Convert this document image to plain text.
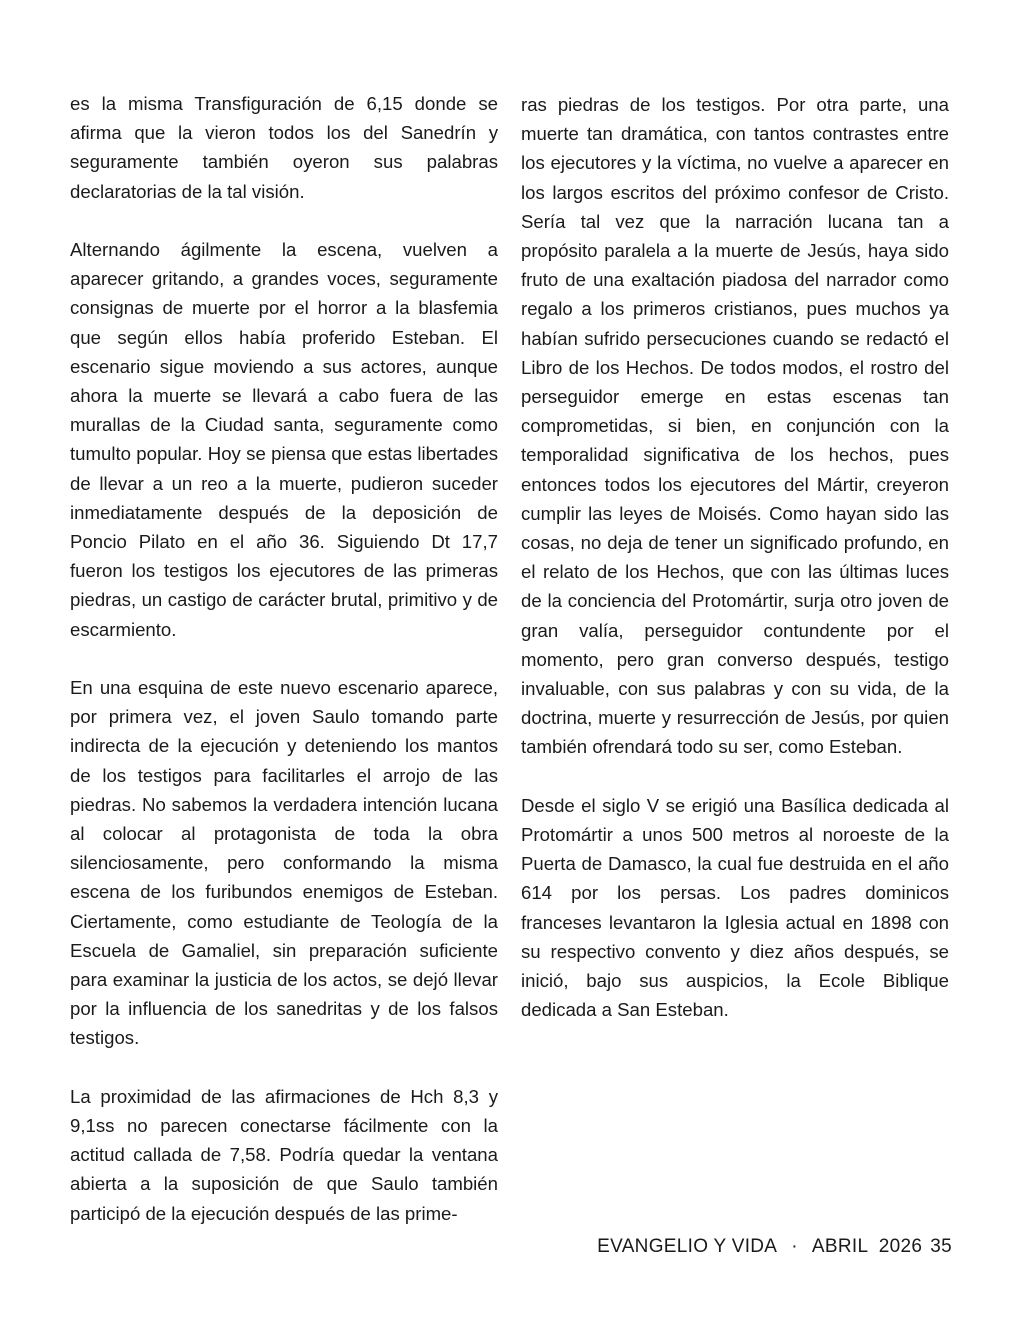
es la misma Transfiguración de 6,15 donde se afirma que la vieron todos los del Sanedrín y seguramente también oyeron sus palabras declaratorias de la tal visión.

Alternando ágilmente la escena, vuelven a aparecer gritando, a grandes voces, seguramente consignas de muerte por el horror a la blasfemia que según ellos había proferido Esteban. El escenario sigue moviendo a sus actores, aunque ahora la muerte se llevará a cabo fuera de las murallas de la Ciudad santa, seguramente como tumulto popular. Hoy se piensa que estas libertades de llevar a un reo a la muerte, pudieron suceder inmediatamente después de la deposición de Poncio Pilato en el año 36. Siguiendo Dt 17,7 fueron los testigos los ejecutores de las primeras piedras, un castigo de carácter brutal, primitivo y de escarmiento.

En una esquina de este nuevo escenario aparece, por primera vez, el joven Saulo tomando parte indirecta de la ejecución y deteniendo los mantos de los testigos para facilitarles el arrojo de las piedras. No sabemos la verdadera intención lucana al colocar al protagonista de toda la obra silenciosamente, pero conformando la misma escena de los furibundos enemigos de Esteban. Ciertamente, como estudiante de Teología de la Escuela de Gamaliel, sin preparación suficiente para examinar la justicia de los actos, se dejó llevar por la influencia de los sanedritas y de los falsos testigos.

La proximidad de las afirmaciones de Hch 8,3 y 9,1ss no parecen conectarse fácilmente con la actitud callada de 7,58. Podría quedar la ventana abierta a la suposición de que Saulo también participó de la ejecución después de las prime-

ras piedras de los testigos. Por otra parte, una muerte tan dramática, con tantos contrastes entre los ejecutores y la víctima, no vuelve a aparecer en los largos escritos del próximo confesor de Cristo. Sería tal vez que la narración lucana tan a propósito paralela a la muerte de Jesús, haya sido fruto de una exaltación piadosa del narrador como regalo a los primeros cristianos, pues muchos ya habían sufrido persecuciones cuando se redactó el Libro de los Hechos. De todos modos, el rostro del perseguidor emerge en estas escenas tan comprometidas, si bien, en conjunción con la temporalidad significativa de los hechos, pues entonces todos los ejecutores del Mártir, creyeron cumplir las leyes de Moisés. Como hayan sido las cosas, no deja de tener un significado profundo, en el relato de los Hechos, que con las últimas luces de la conciencia del Protomártir, surja otro joven de gran valía, perseguidor contundente por el momento, pero gran converso después, testigo invaluable, con sus palabras y con su vida, de la doctrina, muerte y resurrección de Jesús, por quien también ofrendará todo su ser, como Esteban.

Desde el siglo V se erigió una Basílica dedicada al Protomártir a unos 500 metros al noroeste de la Puerta de Damasco, la cual fue destruida en el año 614 por los persas. Los padres dominicos franceses levantaron la Iglesia actual en 1898 con su respectivo convento y diez años después, se inició, bajo sus auspicios, la Ecole Biblique dedicada a San Esteban.

EVANGELIO Y VIDA · ABRIL  2026 35
